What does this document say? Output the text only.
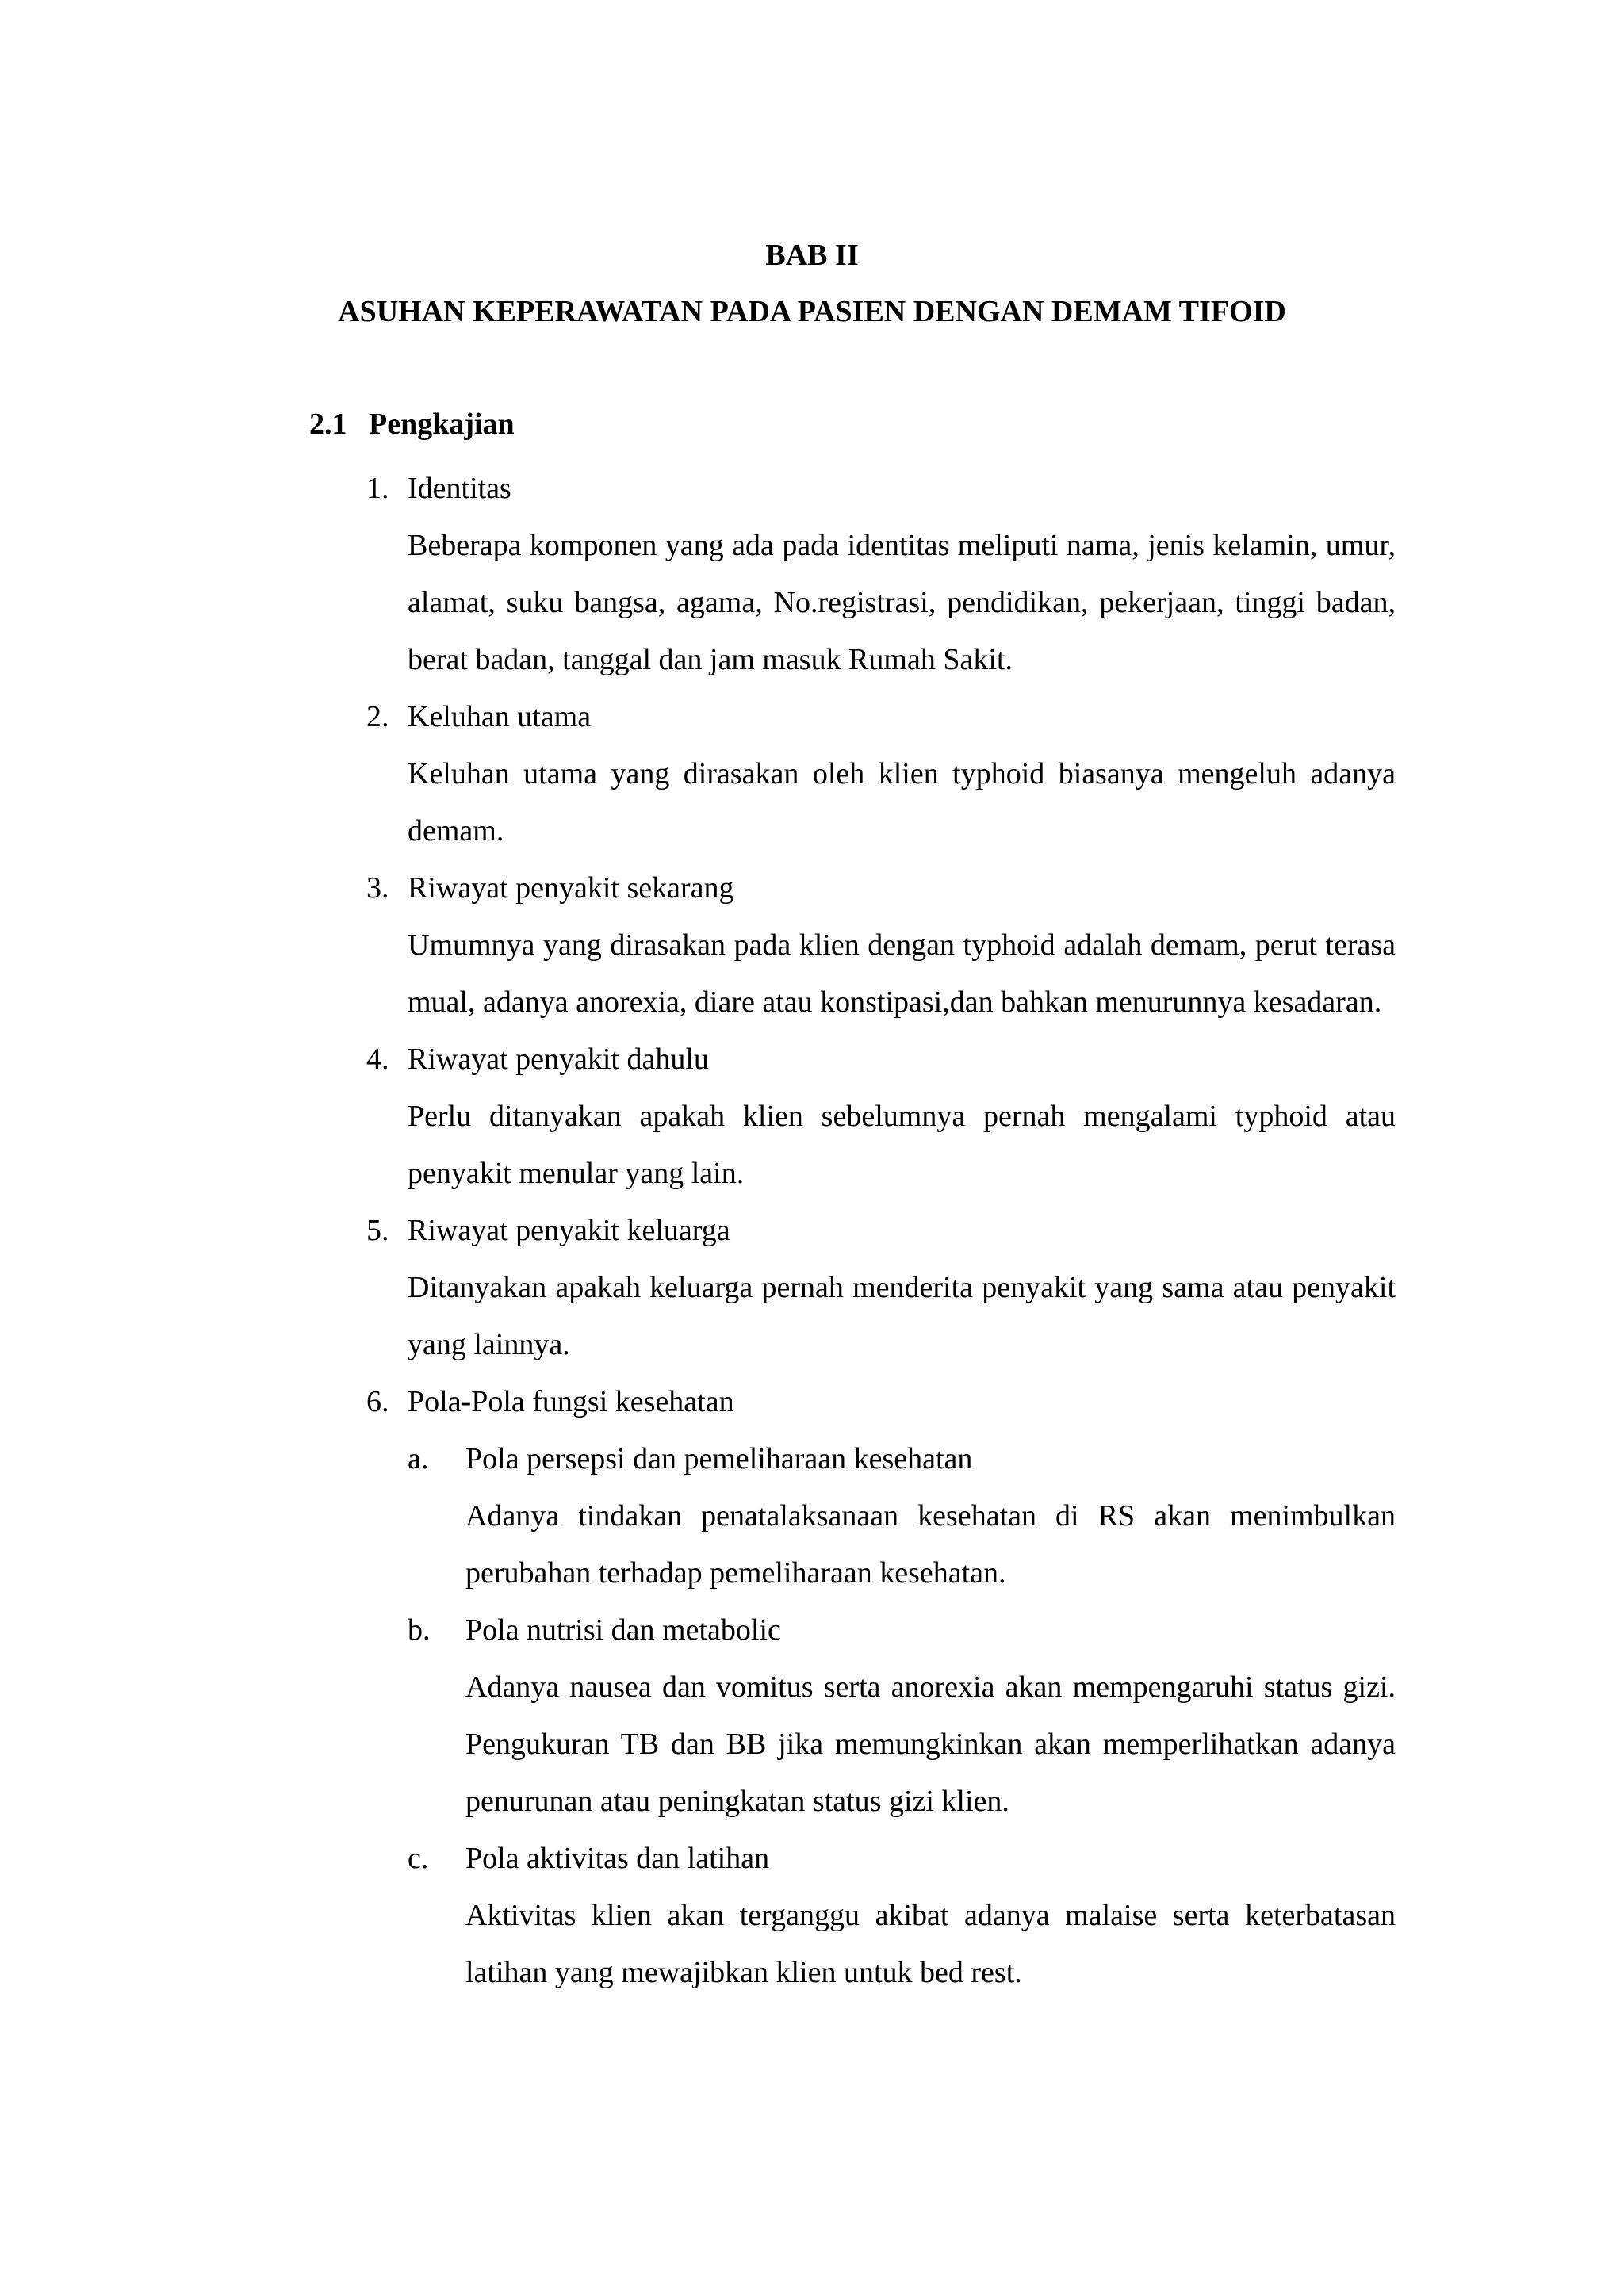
BAB II
ASUHAN KEPERAWATAN PADA PASIEN DENGAN DEMAM TIFOID
2.1 Pengkajian
1. Identitas
Beberapa komponen yang ada pada identitas meliputi nama, jenis kelamin, umur, alamat, suku bangsa, agama, No.registrasi, pendidikan, pekerjaan, tinggi badan, berat badan, tanggal dan jam masuk Rumah Sakit.
2. Keluhan utama
Keluhan utama yang dirasakan oleh klien typhoid biasanya mengeluh adanya demam.
3. Riwayat penyakit sekarang
Umumnya yang dirasakan pada klien dengan typhoid adalah demam, perut terasa mual, adanya anorexia, diare atau konstipasi,dan bahkan menurunnya kesadaran.
4. Riwayat penyakit dahulu
Perlu ditanyakan apakah klien sebelumnya pernah mengalami typhoid atau penyakit menular yang lain.
5. Riwayat penyakit keluarga
Ditanyakan apakah keluarga pernah menderita penyakit yang sama atau penyakit yang lainnya.
6. Pola-Pola fungsi kesehatan
a. Pola persepsi dan pemeliharaan kesehatan
Adanya tindakan penatalaksanaan kesehatan di RS akan menimbulkan perubahan terhadap pemeliharaan kesehatan.
b. Pola nutrisi dan metabolic
Adanya nausea dan vomitus serta anorexia akan mempengaruhi status gizi. Pengukuran TB dan BB jika memungkinkan akan memperlihatkan adanya penurunan atau peningkatan status gizi klien.
c. Pola aktivitas dan latihan
Aktivitas klien akan terganggu akibat adanya malaise serta keterbatasan latihan yang mewajibkan klien untuk bed rest.
